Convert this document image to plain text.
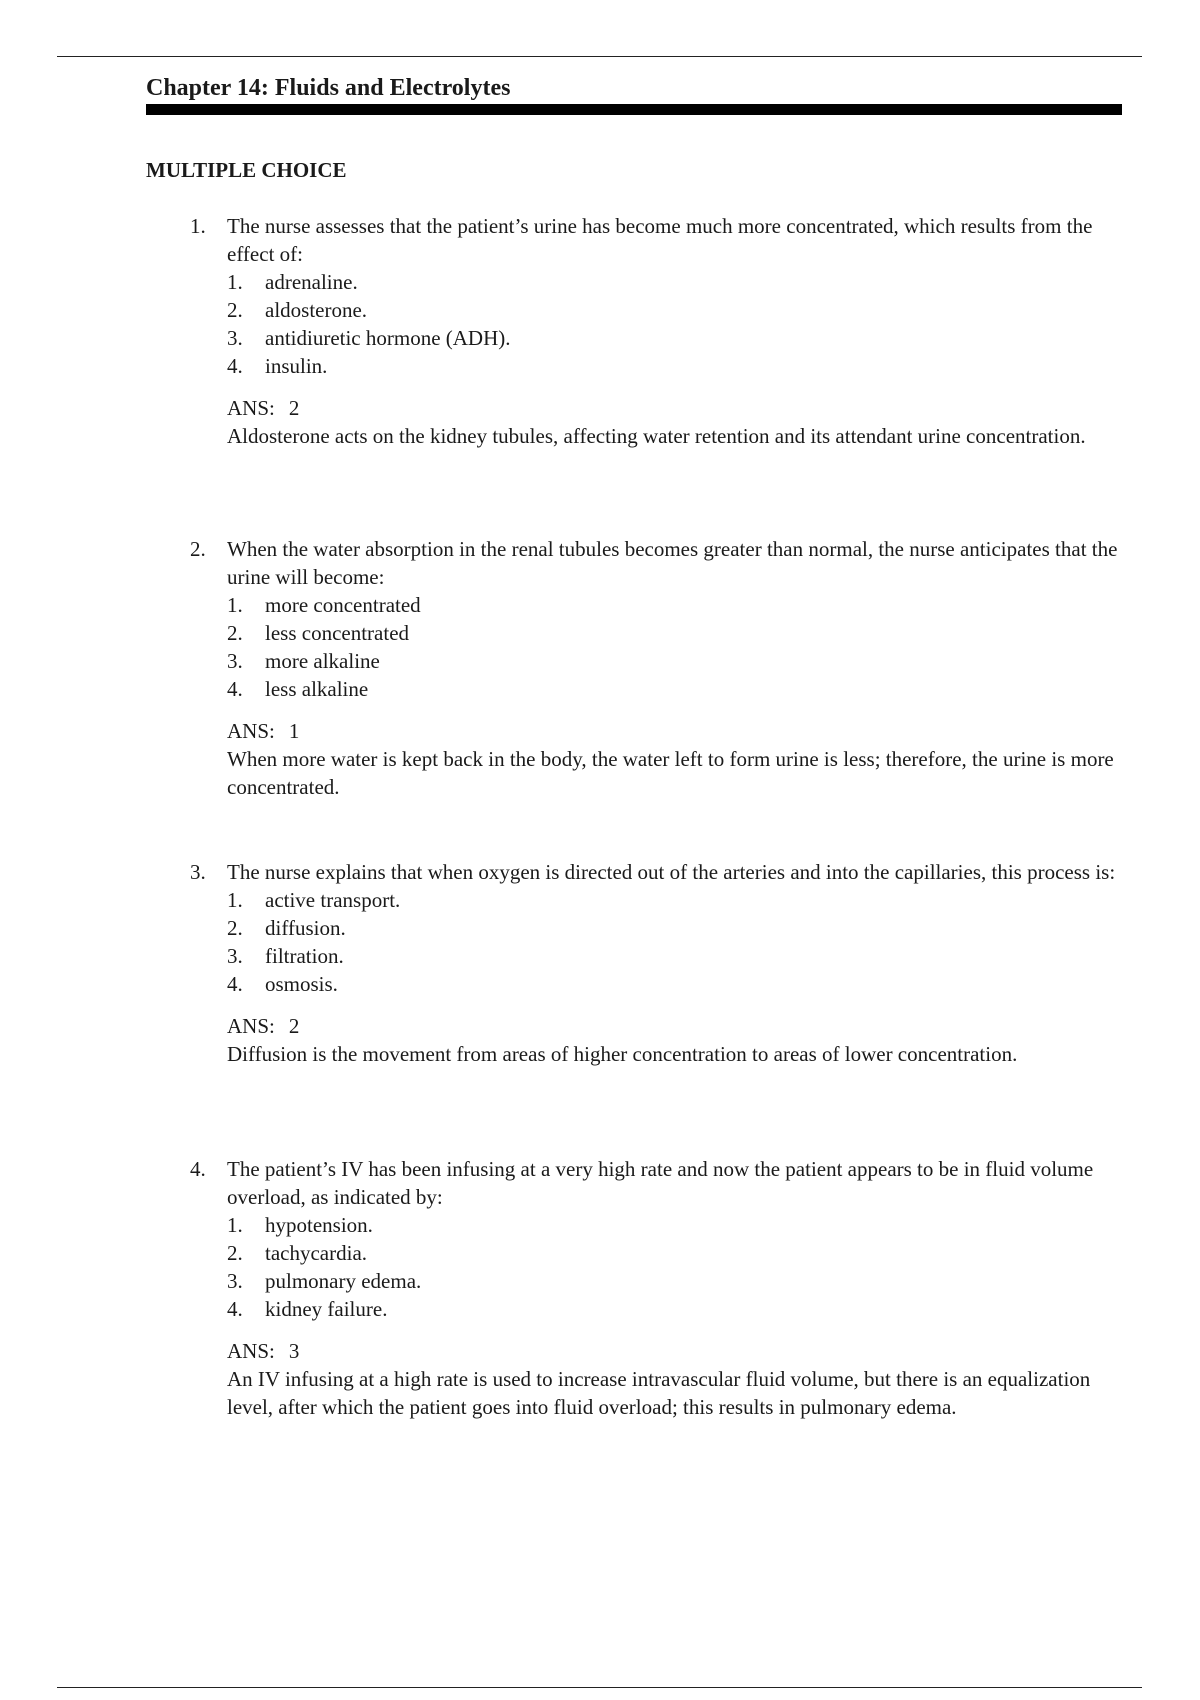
Chapter 14: Fluids and Electrolytes
MULTIPLE CHOICE
1. The nurse assesses that the patient’s urine has become much more concentrated, which results from the effect of:
1. adrenaline.
2. aldosterone.
3. antidiuretic hormone (ADH).
4. insulin.
ANS: 2
Aldosterone acts on the kidney tubules, affecting water retention and its attendant urine concentration.
2. When the water absorption in the renal tubules becomes greater than normal, the nurse anticipates that the urine will become:
1. more concentrated
2. less concentrated
3. more alkaline
4. less alkaline
ANS: 1
When more water is kept back in the body, the water left to form urine is less; therefore, the urine is more concentrated.
3. The nurse explains that when oxygen is directed out of the arteries and into the capillaries, this process is:
1. active transport.
2. diffusion.
3. filtration.
4. osmosis.
ANS: 2
Diffusion is the movement from areas of higher concentration to areas of lower concentration.
4. The patient’s IV has been infusing at a very high rate and now the patient appears to be in fluid volume overload, as indicated by:
1. hypotension.
2. tachycardia.
3. pulmonary edema.
4. kidney failure.
ANS: 3
An IV infusing at a high rate is used to increase intravascular fluid volume, but there is an equalization level, after which the patient goes into fluid overload; this results in pulmonary edema.
